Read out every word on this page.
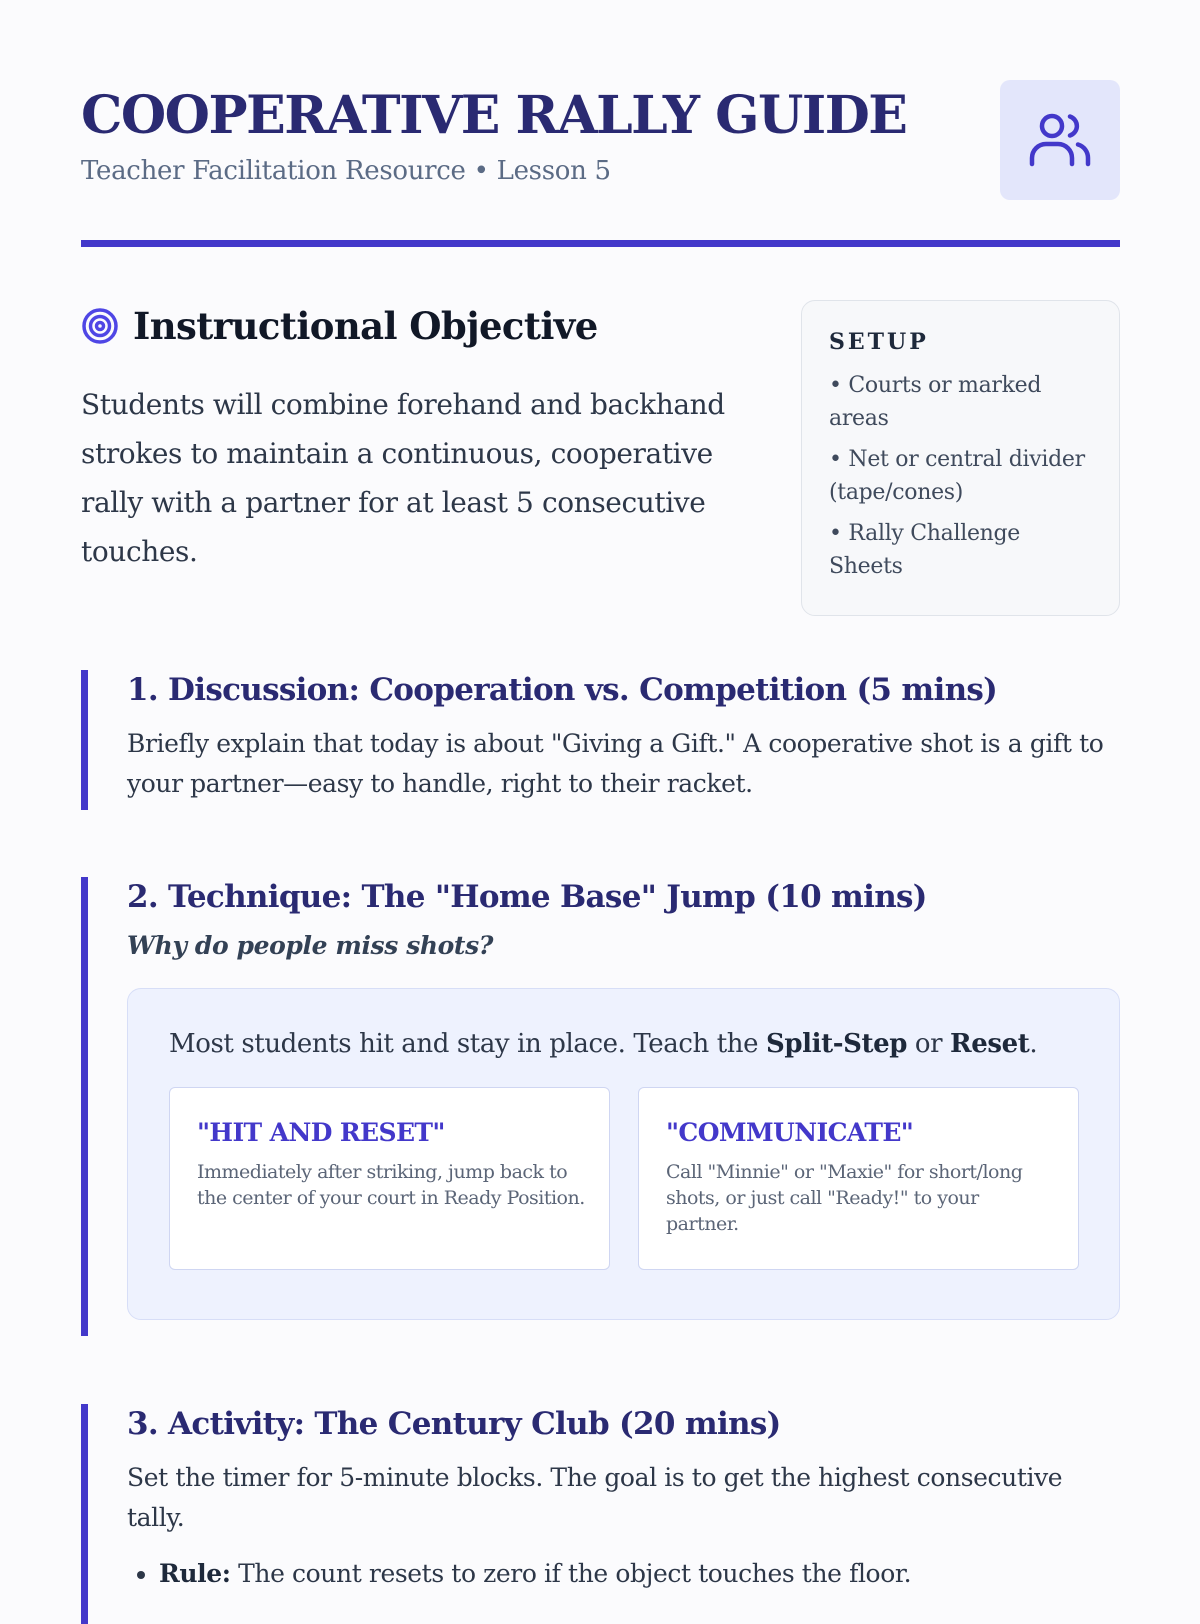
COOPERATIVE RALLY GUIDE
Teacher Facilitation Resource • Lesson 5
Instructional Objective
Students will combine forehand and backhand strokes to maintain a continuous, cooperative rally with a partner for at least 5 consecutive touches.
SETUP
• Courts or marked areas
• Net or central divider (tape/cones)
• Rally Challenge Sheets
1. Discussion: Cooperation vs. Competition (5 mins)

Briefly explain that today is about "Giving a Gift." A cooperative shot is a gift to your partner—easy to handle, right to their racket.

2. Technique: The "Home Base" Jump (10 mins)

Why do people miss shots?

Most students hit and stay in place. Teach the Split-Step or Reset.

"HIT AND RESET"
Immediately after striking, jump back to the center of your court in Ready Position.
"COMMUNICATE"
Call "Minnie" or "Maxie" for short/long shots, or just call "Ready!" to your partner.
3. Activity: The Century Club (20 mins)

Set the timer for 5-minute blocks. The goal is to get the highest consecutive tally.

• Rule: The count resets to zero if the object touches the floor.
